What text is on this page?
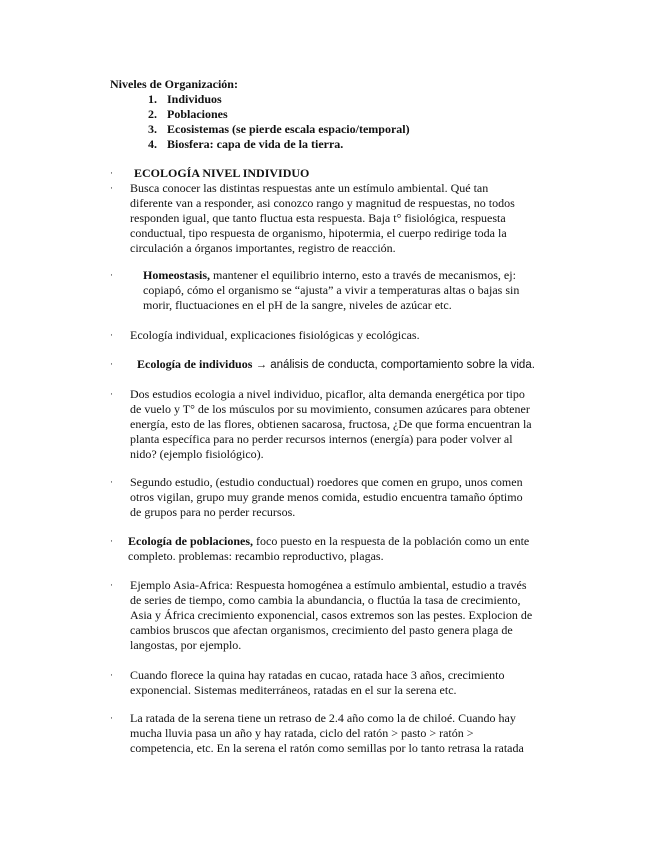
Niveles de Organización:

1. Individuos
2. Poblaciones
3. Ecosistemas (se pierde escala espacio/temporal)
4. Biosfera: capa de vida de la tierra.
· ECOLOGÍA NIVEL INDIVIDUO
· Busca conocer las distintas respuestas ante un estímulo ambiental. Qué tan
diferente van a responder, asi conozco rango y magnitud de respuestas, no todos
responden igual, que tanto fluctua esta respuesta. Baja t° fisiológica, respuesta
conductual, tipo respuesta de organismo, hipotermia, el cuerpo redirige toda la
circulación a órganos importantes, registro de reacción.
·	Homeostasis, mantener el equilibrio interno, esto a través de mecanismos, ej:
copiapó, cómo el organismo se “ajusta” a vivir a temperaturas altas o bajas sin
morir, fluctuaciones en el pH de la sangre, niveles de azúcar etc.
· Ecología individual, explicaciones fisiológicas y ecológicas.
· Ecología de individuos → análisis de conducta, comportamiento sobre la vida.
· Dos estudios ecologia a nivel individuo, picaflor, alta demanda energética por tipo
de vuelo y T° de los músculos por su movimiento, consumen azúcares para obtener
energía, esto de las flores, obtienen sacarosa, fructosa, ¿De que forma encuentran la
planta específica para no perder recursos internos (energía) para poder volver al
nido? (ejemplo fisiológico).
· Segundo estudio, (estudio conductual) roedores que comen en grupo, unos comen
otros vigilan, grupo muy grande menos comida, estudio encuentra tamaño óptimo
de grupos para no perder recursos.
· Ecología de poblaciones, foco puesto en la respuesta de la población como un ente
completo. problemas: recambio reproductivo, plagas.
· Ejemplo Asia-Africa: Respuesta homogénea a estímulo ambiental, estudio a través
de series de tiempo, como cambia la abundancia, o fluctúa la tasa de crecimiento,
Asia y África crecimiento exponencial, casos extremos son las pestes. Explocion de
cambios bruscos que afectan organismos, crecimiento del pasto genera plaga de
langostas, por ejemplo.
· Cuando florece la quina hay ratadas en cucao, ratada hace 3 años, crecimiento
exponencial. Sistemas mediterráneos, ratadas en el sur la serena etc.
· La ratada de la serena tiene un retraso de 2.4 año como la de chiloé. Cuando hay
mucha lluvia pasa un año y hay ratada, ciclo del ratón > pasto > ratón >
competencia, etc. En la serena el ratón como semillas por lo tanto retrasa la ratada
